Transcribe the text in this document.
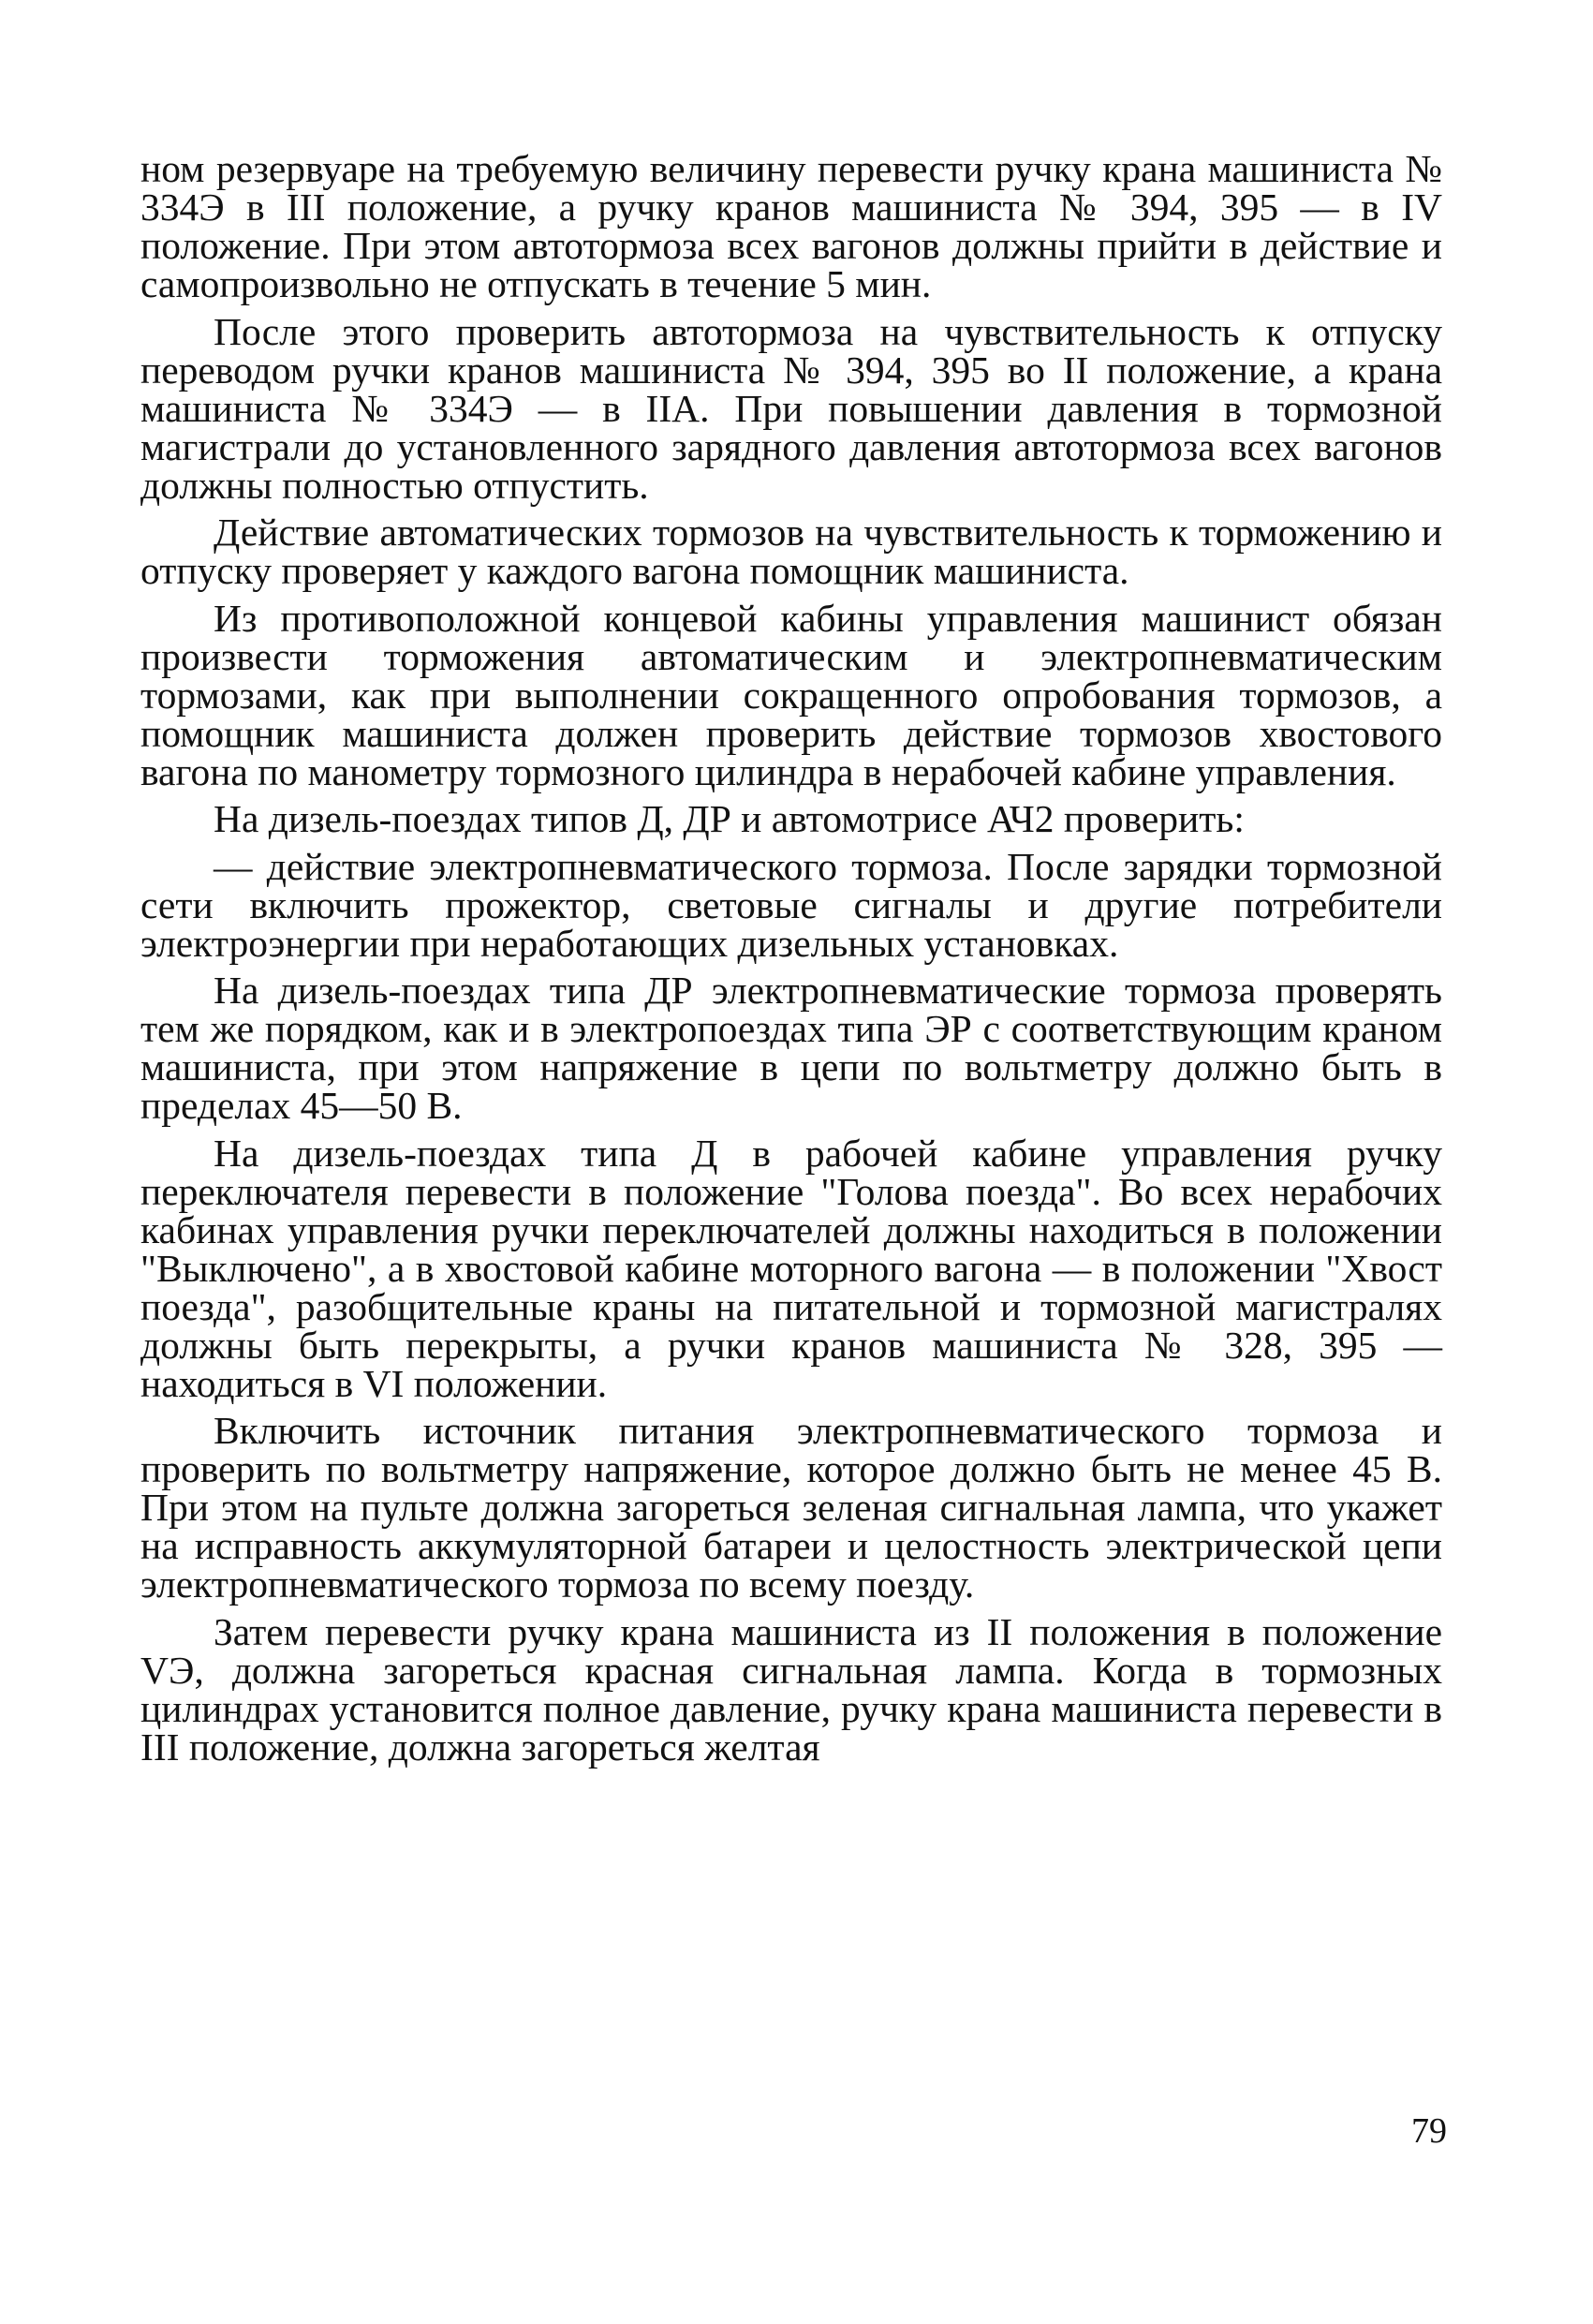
ном резервуаре на требуемую величину перевести ручку крана машиниста № 334Э в III положение, а ручку кранов машиниста № 394, 395 — в IV положение. При этом автотормоза всех вагонов должны прийти в действие и самопроизвольно не отпускать в течение 5 мин.

После этого проверить автотормоза на чувствительность к отпуску переводом ручки кранов машиниста № 394, 395 во II положение, а крана машиниста № 334Э — в IIА. При повышении давления в тормозной магистрали до установленного зарядного давления автотормоза всех вагонов должны полностью отпустить.

Действие автоматических тормозов на чувствительность к торможению и отпуску проверяет у каждого вагона помощник машиниста.

Из противоположной концевой кабины управления машинист обязан произвести торможения автоматическим и электропневматическим тормозами, как при выполнении сокращенного опробования тормозов, а помощник машиниста должен проверить действие тормозов хвостового вагона по манометру тормозного цилиндра в нерабочей кабине управления.

На дизель-поездах типов Д, ДР и автомотрисе АЧ2 проверить:

— действие электропневматического тормоза. После зарядки тормозной сети включить прожектор, световые сигналы и другие потребители электроэнергии при неработающих дизельных установках.

На дизель-поездах типа ДР электропневматические тормоза проверять тем же порядком, как и в электропоездах типа ЭР с соответствующим краном машиниста, при этом напряжение в цепи по вольтметру должно быть в пределах 45—50 В.

На дизель-поездах типа Д в рабочей кабине управления ручку переключателя перевести в положение "Голова поезда". Во всех нерабочих кабинах управления ручки переключателей должны находиться в положении "Выключено", а в хвостовой кабине моторного вагона — в положении "Хвост поезда", разобщительные краны на питательной и тормозной магистралях должны быть перекрыты, а ручки кранов машиниста № 328, 395 — находиться в VI положении.

Включить источник питания электропневматического тормоза и проверить по вольтметру напряжение, которое должно быть не менее 45 В. При этом на пульте должна загореться зеленая сигнальная лампа, что укажет на исправность аккумуляторной батареи и целостность электрической цепи электропневматического тормоза по всему поезду.

Затем перевести ручку крана машиниста из II положения в положение VЭ, должна загореться красная сигнальная лампа. Когда в тормозных цилиндрах установится полное давление, ручку крана машиниста перевести в III положение, должна загореться желтая

79
